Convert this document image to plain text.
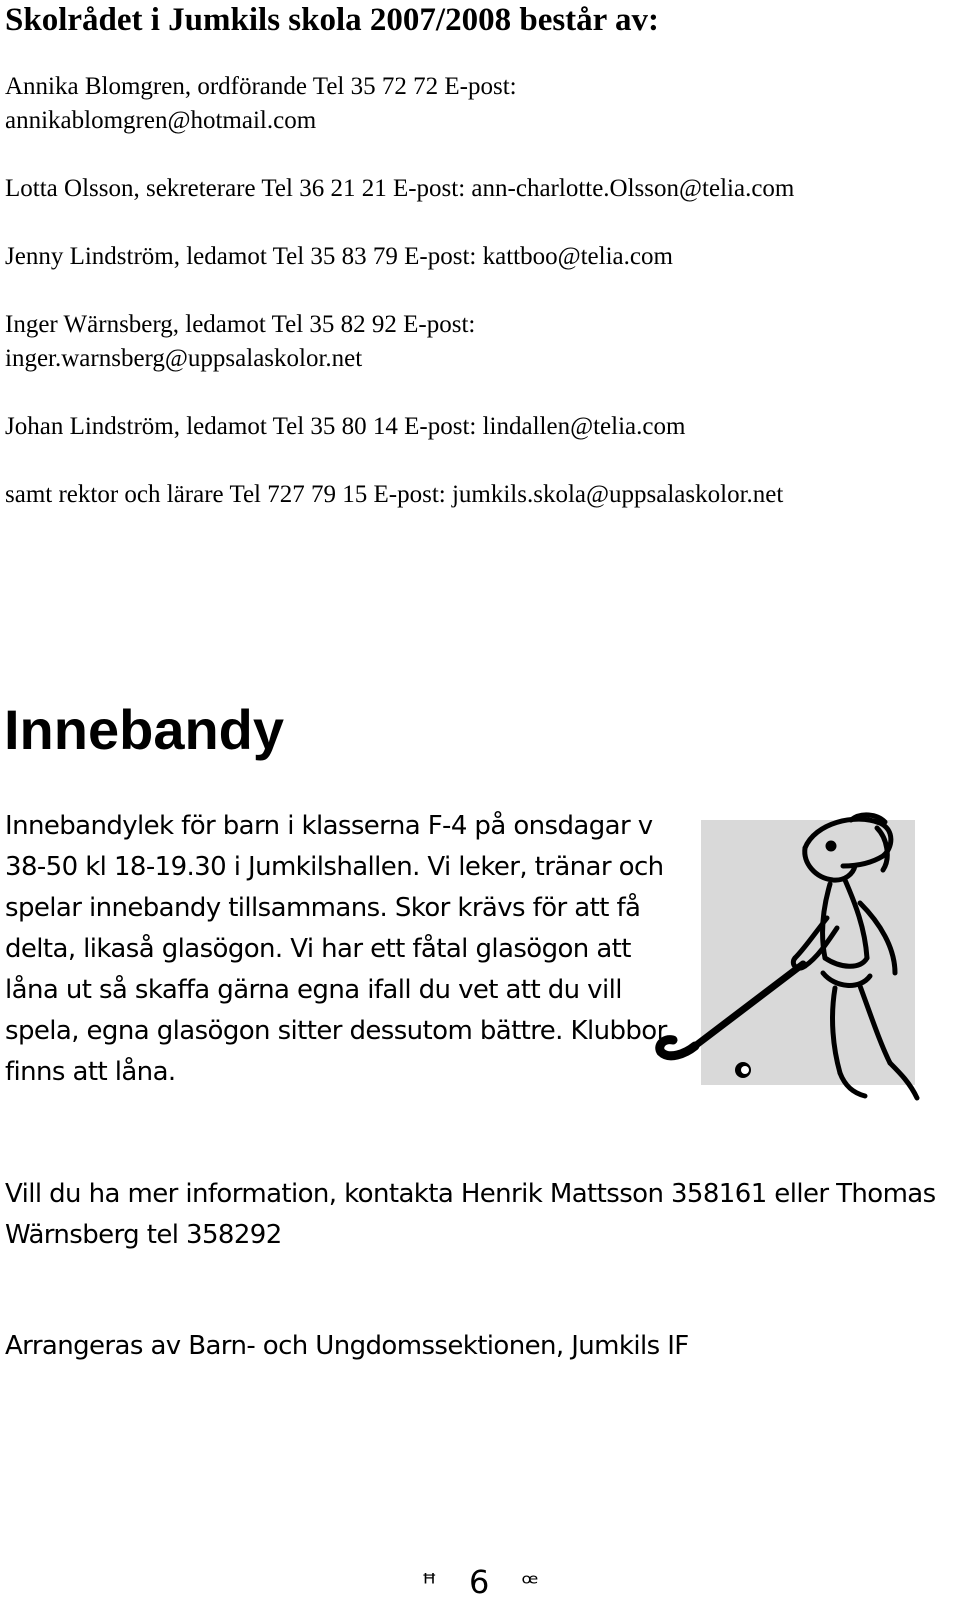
Skolrådet i Jumkils skola 2007/2008 består av:
Annika Blomgren, ordförande Tel 35 72 72 E-post:
annikablomgren@hotmail.com
Lotta Olsson, sekreterare Tel 36 21 21 E-post: ann-charlotte.Olsson@telia.com
Jenny Lindström, ledamot Tel 35 83 79 E-post: kattboo@telia.com
Inger Wärnsberg, ledamot Tel 35 82 92 E-post:
inger.warnsberg@uppsalaskolor.net
Johan Lindström, ledamot Tel 35 80 14 E-post: lindallen@telia.com
samt rektor och lärare Tel 727 79 15 E-post: jumkils.skola@uppsalaskolor.net
Innebandy
Innebandylek för barn i klasserna F-4 på onsdagar v 38-50 kl 18-19.30 i Jumkilshallen. Vi leker, tränar och spelar innebandy tillsammans. Skor krävs för att få delta, likaså glasögon. Vi har ett fåtal glasögon att låna ut så skaffa gärna egna ifall du vet att du vill spela, egna glasögon sitter dessutom bättre. Klubbor finns att låna.
Vill du ha mer information, kontakta Henrik Mattsson 358161 eller Thomas Wärnsberg tel 358292
Arrangeras av Barn- och Ungdomssektionen, Jumkils IF
ꟸ 6 ꟹ
